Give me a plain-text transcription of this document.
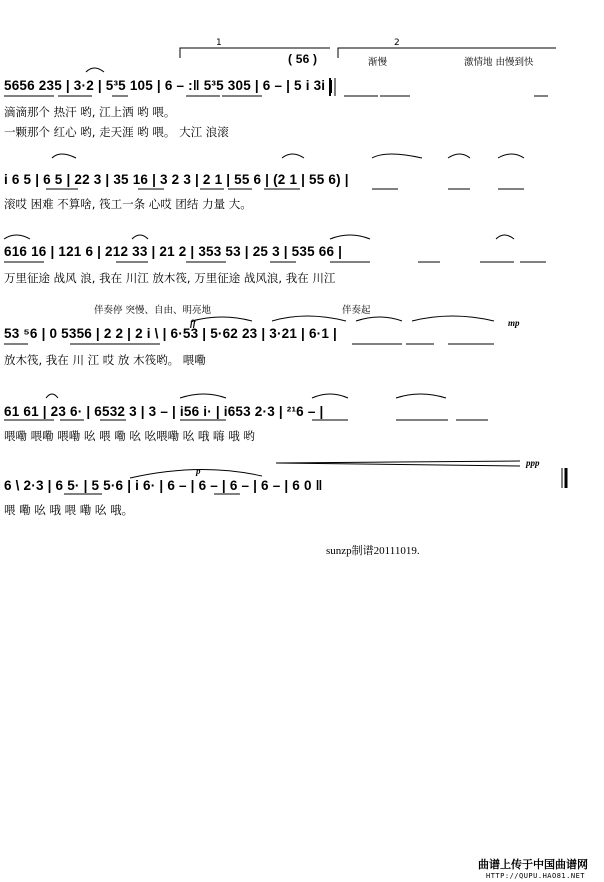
1	2
( 56 )	渐慢	激情地 由慢到快
5656 235 | 3·2 | 5³5 105 | 6 – :‖ 5³5 305 | 6 – | 5 i 3i |
滴滴那个 热汗 哟, 江上洒 哟 喂。
一颗那个 红心 哟, 走天涯 哟 喂。 大江 浪滚
i 6 5 | 6 5 | 22 3 | 35 16 | 3 2 3 | 2 1 | 55 6 | (2 1 | 55 6) |
滚哎 困难 不算啥, 筏工一条 心哎 团结 力量 大。
616 16 | 121 6 | 212 33 | 21 2 | 353 53 | 25 3 | 535 66 |
万里征途 战风 浪, 我在 川江 放木筏, 万里征途 战风浪, 我在 川江
伴奏停 突慢、自由、明亮地	伴奏起
ff	mp
53 ⁵6 | 0 5356 | 2 2 | 2 i \ | 6·53 | 5·62 23 | 3·21 | 6·1 |
放木筏, 我在 川 江 哎 放 木筏哟。 喂嘞
61 61 | 23 6· | 6532 3 | 3 – | i56 i· | i653 2·3 | ²¹6 – |
喂嘞 喂嘞 喂嘞 吆 喂 嘞 吆 吆喂嘞 吆 哦 嗨 哦 哟
p
ppp
6 \ 2·3 | 6 5· | 5 5·6 | i 6· | 6 – | 6 – | 6 – | 6 – | 6 0 ‖
喂 嘞 吆 哦 喂 嘞 吆 哦。
sunzp制谱20111019.
曲谱上传于中国曲谱网
HTTP://QUPU.HAO81.NET
